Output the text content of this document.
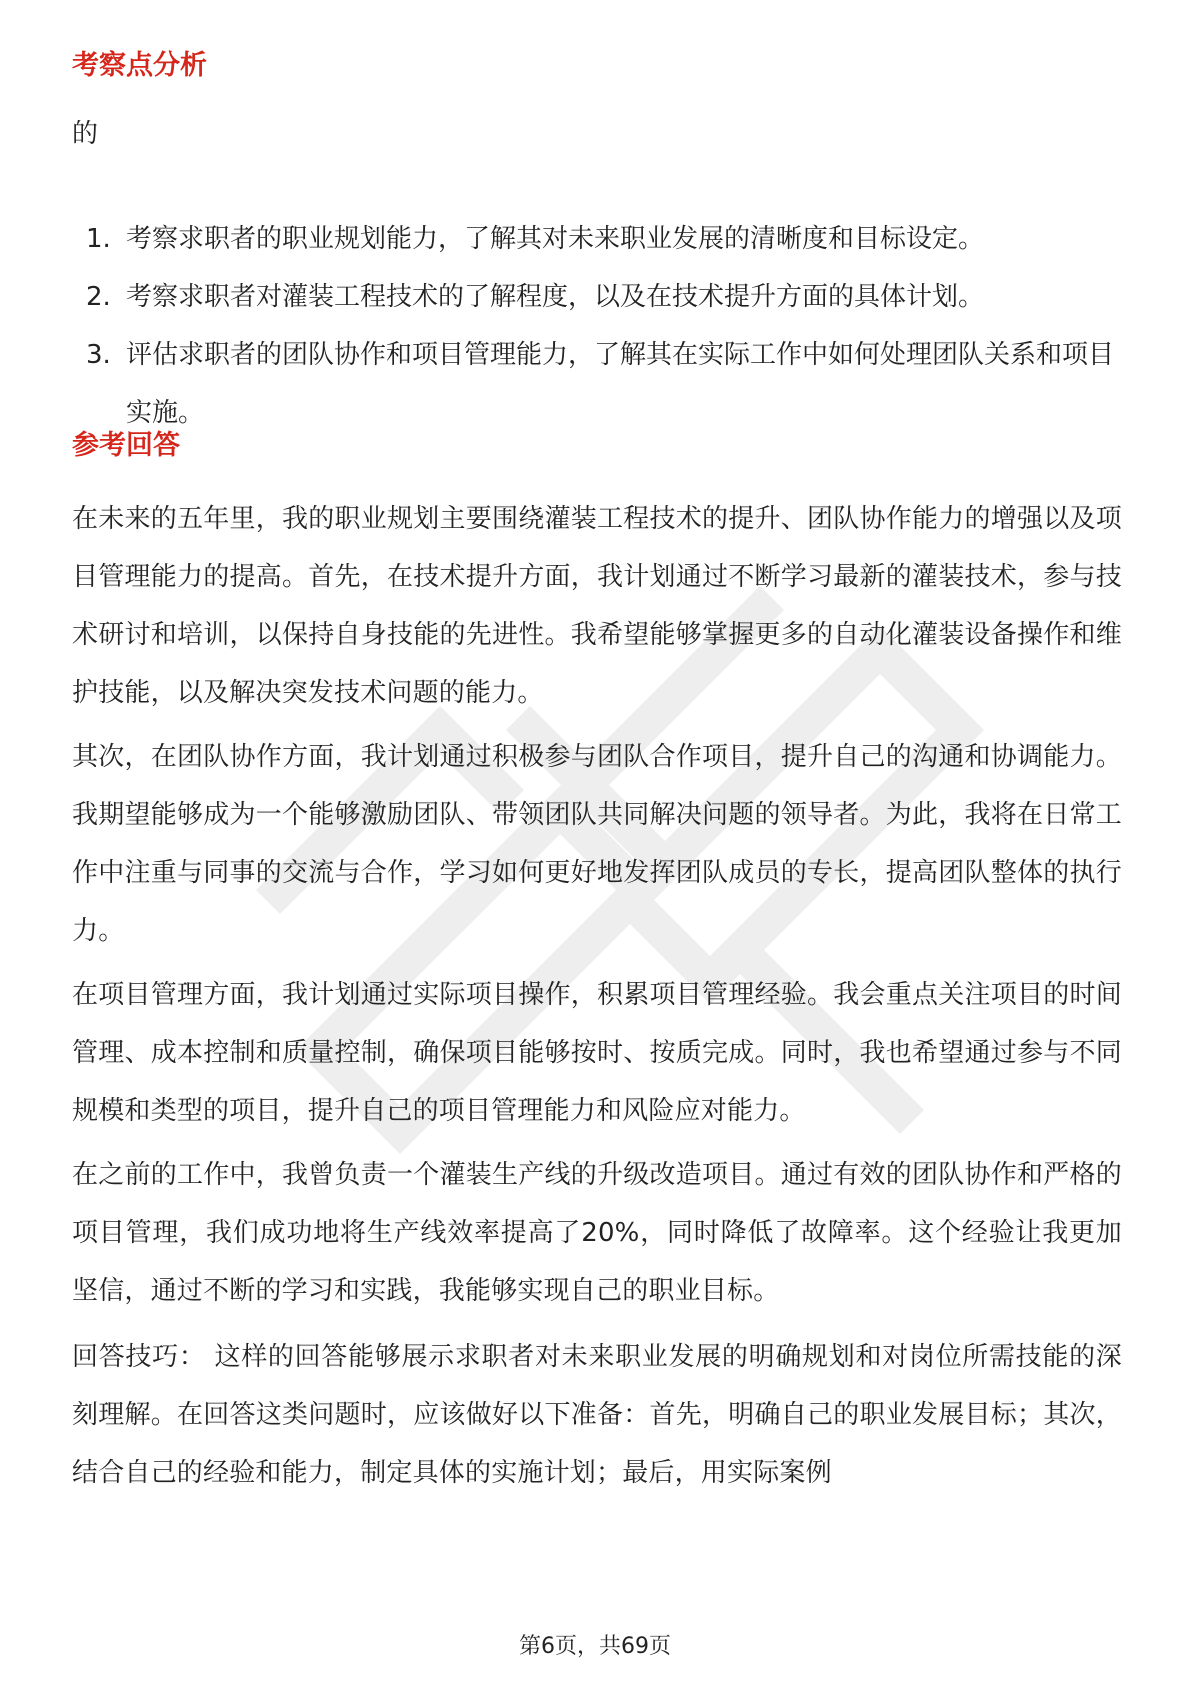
考察点分析

的

1. 考察求职者的职业规划能力，了解其对未来职业发展的清晰度和目标设定。
2. 考察求职者对灌装工程技术的了解程度，以及在技术提升方面的具体计划。
3. 评估求职者的团队协作和项目管理能力，了解其在实际工作中如何处理团队关系和项目实施。
参考回答

在未来的五年里，我的职业规划主要围绕灌装工程技术的提升、团队协作能力的增强以及项目管理能力的提高。首先，在技术提升方面，我计划通过不断学习最新的灌装技术，参与技术研讨和培训，以保持自身技能的先进性。我希望能够掌握更多的自动化灌装设备操作和维护技能，以及解决突发技术问题的能力。

其次，在团队协作方面，我计划通过积极参与团队合作项目，提升自己的沟通和协调能力。我期望能够成为一个能够激励团队、带领团队共同解决问题的领导者。为此，我将在日常工作中注重与同事的交流与合作，学习如何更好地发挥团队成员的专长，提高团队整体的执行力。

在项目管理方面，我计划通过实际项目操作，积累项目管理经验。我会重点关注项目的时间管理、成本控制和质量控制，确保项目能够按时、按质完成。同时，我也希望通过参与不同规模和类型的项目，提升自己的项目管理能力和风险应对能力。

在之前的工作中，我曾负责一个灌装生产线的升级改造项目。通过有效的团队协作和严格的项目管理，我们成功地将生产线效率提高了20%，同时降低了故障率。这个经验让我更加坚信，通过不断的学习和实践，我能够实现自己的职业目标。

回答技巧： 这样的回答能够展示求职者对未来职业发展的明确规划和对岗位所需技能的深刻理解。在回答这类问题时，应该做好以下准备：首先，明确自己的职业发展目标；其次，结合自己的经验和能力，制定具体的实施计划；最后，用实际案例

第6页，共69页
